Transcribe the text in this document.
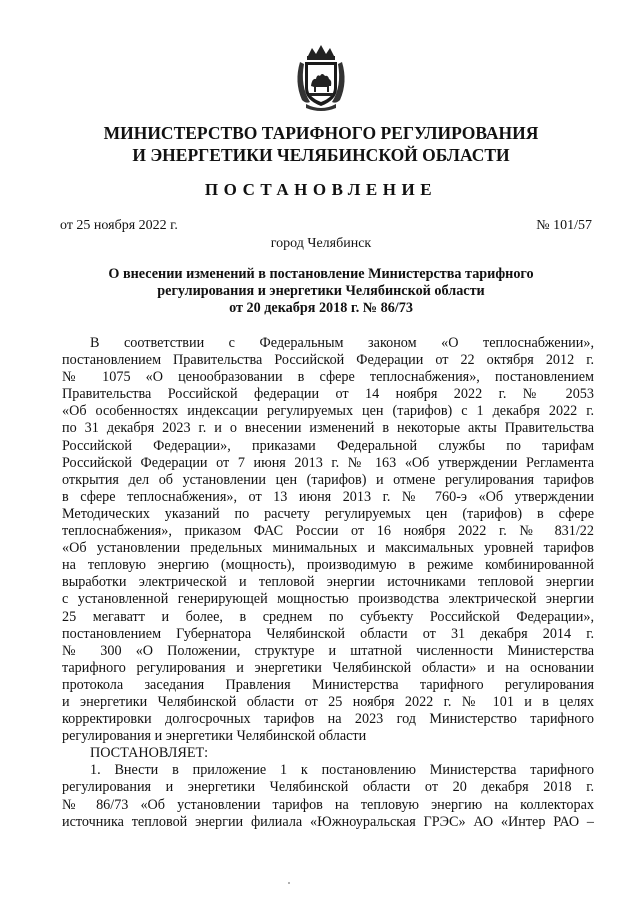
МИНИСТЕРСТВО ТАРИФНОГО РЕГУЛИРОВАНИЯ
И ЭНЕРГЕТИКИ ЧЕЛЯБИНСКОЙ ОБЛАСТИ
ПОСТАНОВЛЕНИЕ
от 25 ноября 2022 г.	№ 101/57
город Челябинск
О внесении изменений в постановление Министерства тарифного
регулирования и энергетики Челябинской области
от 20 декабря 2018 г. № 86/73
В соответствии с Федеральным законом «О теплоснабжении»,
постановлением Правительства Российской Федерации от 22 октября 2012 г.
№ 1075 «О ценообразовании в сфере теплоснабжения», постановлением
Правительства Российской федерации от 14 ноября 2022 г. № 2053
«Об особенностях индексации регулируемых цен (тарифов) с 1 декабря 2022 г.
по 31 декабря 2023 г. и о внесении изменений в некоторые акты Правительства
Российской Федерации», приказами Федеральной службы по тарифам
Российской Федерации от 7 июня 2013 г. № 163 «Об утверждении Регламента
открытия дел об установлении цен (тарифов) и отмене регулирования тарифов
в сфере теплоснабжения», от 13 июня 2013 г. № 760-э «Об утверждении
Методических указаний по расчету регулируемых цен (тарифов) в сфере
теплоснабжения», приказом ФАС России от 16 ноября 2022 г. № 831/22
«Об установлении предельных минимальных и максимальных уровней тарифов
на тепловую энергию (мощность), производимую в режиме комбинированной
выработки электрической и тепловой энергии источниками тепловой энергии
с установленной генерирующей мощностью производства электрической энергии
25 мегаватт и более, в среднем по субъекту Российской Федерации»,
постановлением Губернатора Челябинской области от 31 декабря 2014 г.
№ 300 «О Положении, структуре и штатной численности Министерства
тарифного регулирования и энергетики Челябинской области» и на основании
протокола заседания Правления Министерства тарифного регулирования
и энергетики Челябинской области от 25 ноября 2022 г. № 101 и в целях
корректировки долгосрочных тарифов на 2023 год Министерство тарифного
регулирования и энергетики Челябинской области
ПОСТАНОВЛЯЕТ:
1. Внести в приложение 1 к постановлению Министерства тарифного
регулирования и энергетики Челябинской области от 20 декабря 2018 г.
№ 86/73 «Об установлении тарифов на тепловую энергию на коллекторах
источника тепловой энергии филиала «Южноуральская ГРЭС» АО «Интер РАО –
